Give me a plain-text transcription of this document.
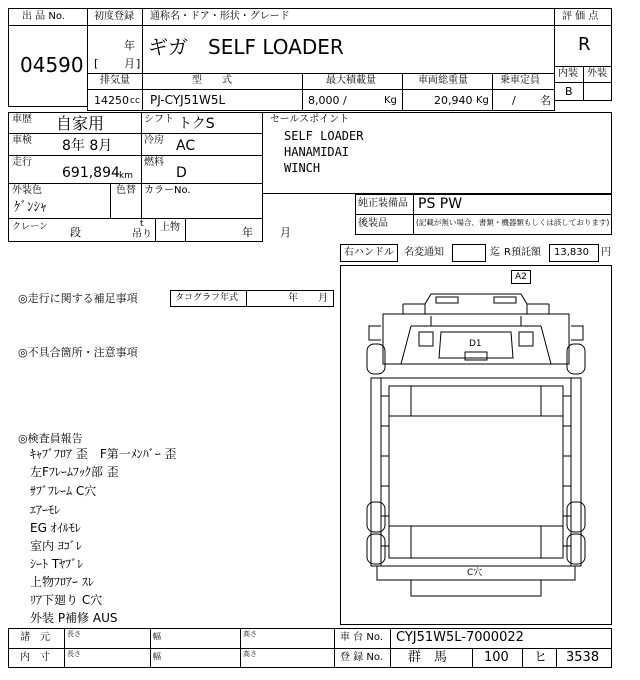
出 品 No.
04590
初度登録 通称名・ドア・形状・グレード
年
[ 月 ]
ギガ　SELF LOADER
評 価 点
R
内装 外装
B
排気量	型　　式	最大積載量	車両総重量	乗車定員
14250 cc PJ-CYJ51W5L	8,000 /	Kg	20,940 Kg / 名
車歴 自家用	シフト トクS
車検 8年 8月	冷房 AC
走行
691,894 km
燃料
D
外装色
ｹﾞﾝｼｬ
色替 カラーNo.
クレーン 段
t
吊り
上物	年 月
セールスポイント
SELF LOADER
HANAMIDAI
WINCH
純正装備品 PS PW
後装品	(記載が無い場合、書類・機器類もしくは該しております)
右ハンドル 名変通知	迄 R預託額 13,830 円
◎走行に関する補足事項	タコグラフ年式	年 月
◎不具合箇所・注意事項
◎検査員報告
ｷｬﾌﾞﾌﾛｱ 歪　F第一ﾒﾝﾊﾞｰ 歪
左Fﾌﾚｰﾑﾌｯｸ部 歪
ｻﾌﾞﾌﾚｰﾑ C穴
ｴｱｰﾓﾚ
EG ｵｲﾙﾓﾚ
室内 ﾖｺﾞﾚ
ｼｰﾄ Tﾔﾌﾞﾚ
上物ﾌﾛｱｰ ｽﾚ
ﾘｱ下廻り C穴
外装 P補修 AUS
A2
D1
C穴
諸　元 長さ	幅	高さ
内　寸 長さ	幅	高さ
車 台 No. CYJ51W5L-7000022
登 録 No. 群　馬	100 ヒ 3538
